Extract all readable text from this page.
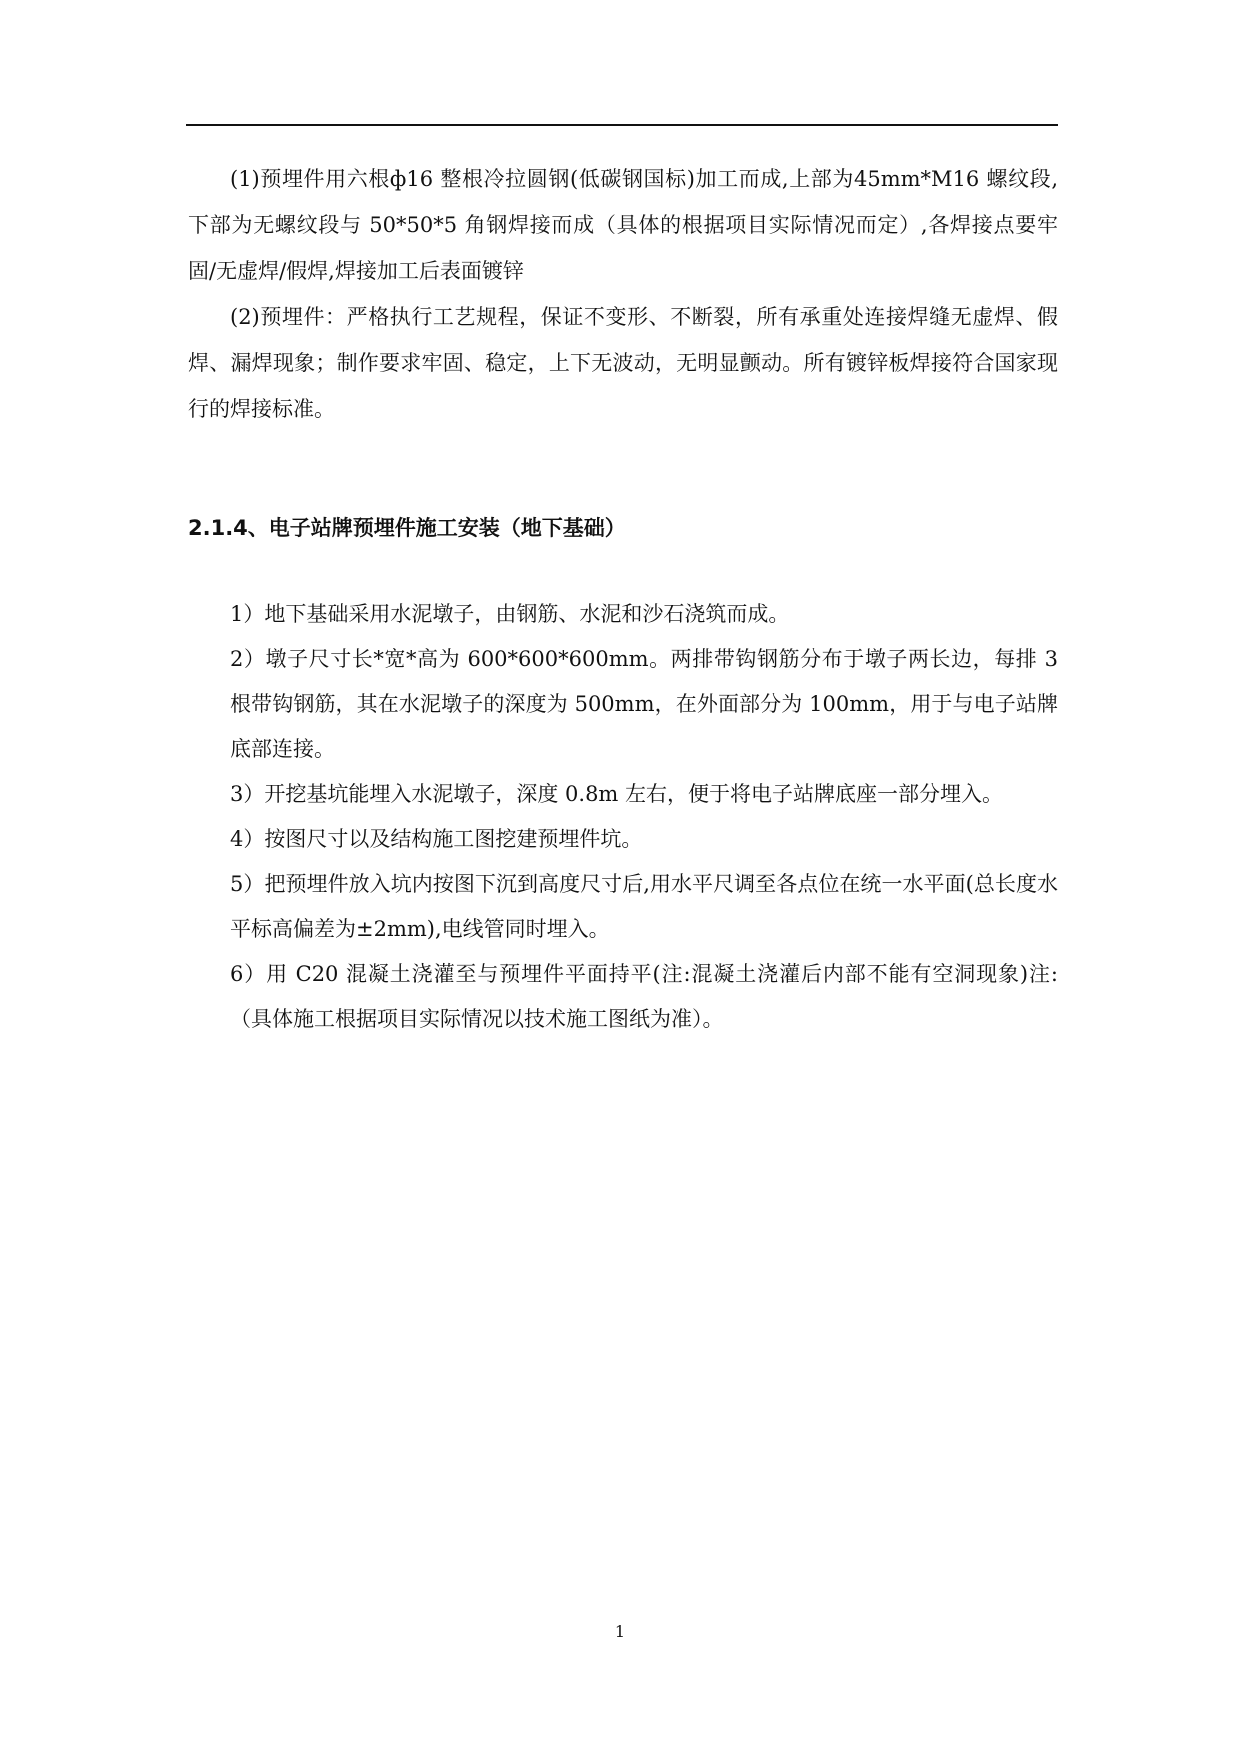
(1)预埋件用六根ф16 整根冷拉圆钢(低碳钢国标)加工而成,上部为45mm*M16 螺纹段, 下部为无螺纹段与 50*50*5 角钢焊接而成（具体的根据项目实际情况而定）,各焊接点要牢固/无虚焊/假焊,焊接加工后表面镀锌

(2)预埋件：严格执行工艺规程，保证不变形、不断裂，所有承重处连接焊缝无虚焊、假焊、漏焊现象；制作要求牢固、稳定，上下无波动，无明显颤动。所有镀锌板焊接符合国家现行的焊接标准。

2.1.4、电子站牌预埋件施工安装（地下基础）

1）地下基础采用水泥墩子，由钢筋、水泥和沙石浇筑而成。

2）墩子尺寸长*宽*高为 600*600*600mm。两排带钩钢筋分布于墩子两长边，每排 3 根带钩钢筋，其在水泥墩子的深度为 500mm，在外面部分为 100mm，用于与电子站牌底部连接。

3）开挖基坑能埋入水泥墩子，深度 0.8m 左右，便于将电子站牌底座一部分埋入。

4）按图尺寸以及结构施工图挖建预埋件坑。

5）把预埋件放入坑内按图下沉到高度尺寸后,用水平尺调至各点位在统一水平面(总长度水平标高偏差为±2mm),电线管同时埋入。

6）用 C20 混凝土浇灌至与预埋件平面持平(注:混凝土浇灌后内部不能有空洞现象)注:（具体施工根据项目实际情况以技术施工图纸为准）。

1
